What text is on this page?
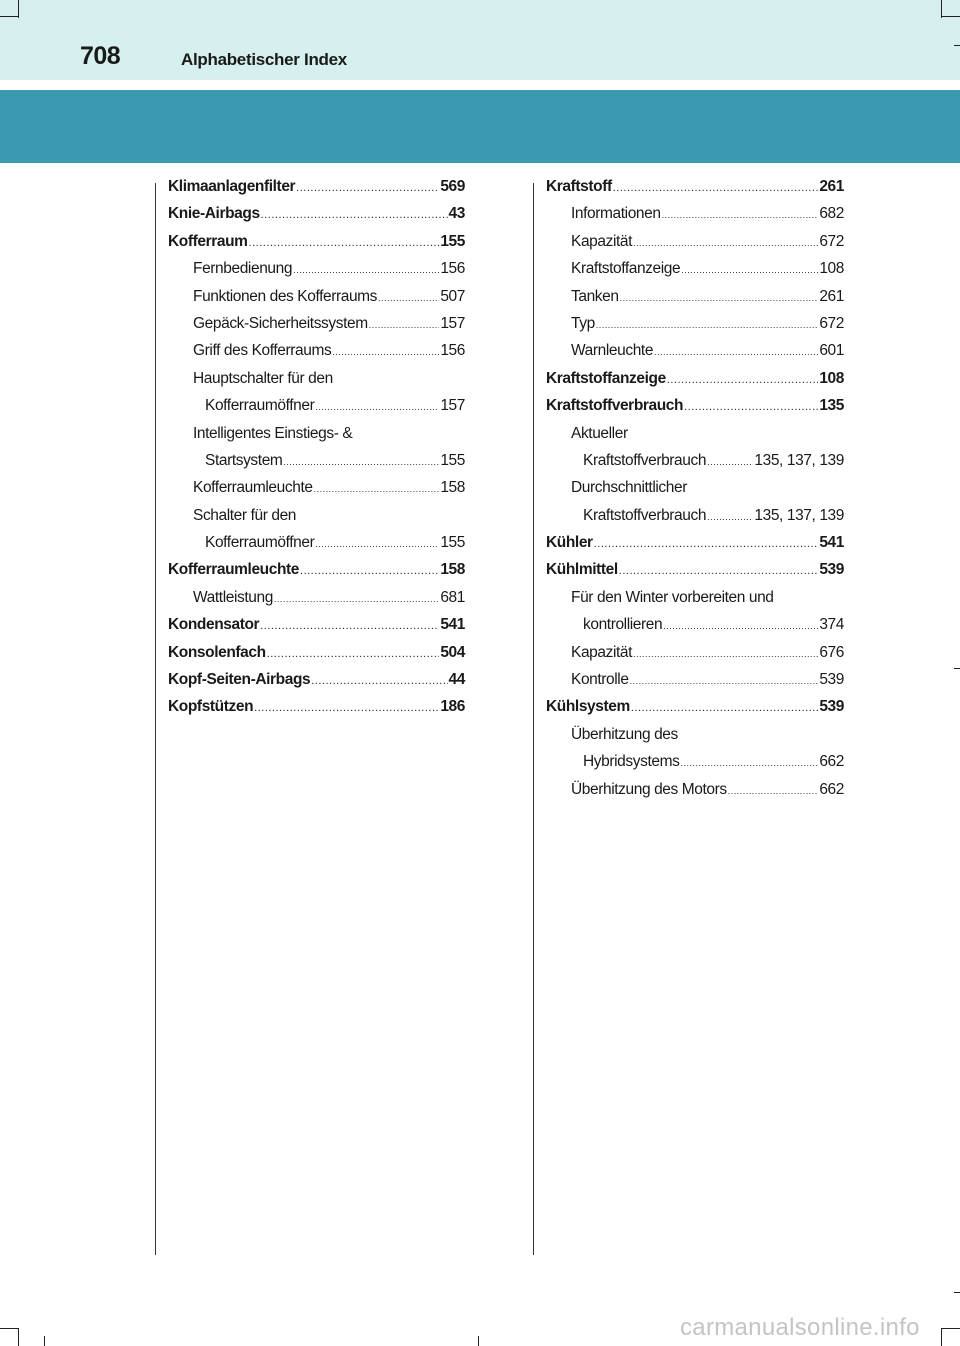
708	Alphabetischer Index
Klimaanlagenfilter .....	569
Knie-Airbags .....	43
Kofferraum .....	155
Fernbedienung .....	156
Funktionen des Kofferraums .....	507
Gepäck-Sicherheitssystem .....	157
Griff des Kofferraums .....	156
Hauptschalter für den
Kofferraumöffner .....	157
Intelligentes Einstiegs- &
Startsystem .....	155
Kofferraumleuchte .....	158
Schalter für den
Kofferraumöffner .....	155
Kofferraumleuchte .....	158
Wattleistung .....	681
Kondensator .....	541
Konsolenfach .....	504
Kopf-Seiten-Airbags .....	44
Kopfstützen .....	186
Kraftstoff .....	261
Informationen .....	682
Kapazität .....	672
Kraftstoffanzeige .....	108
Tanken .....	261
Typ .....	672
Warnleuchte .....	601
Kraftstoffanzeige .....	108
Kraftstoffverbrauch .....	135
Aktueller
Kraftstoffverbrauch .....	135, 137, 139
Durchschnittlicher
Kraftstoffverbrauch .....	135, 137, 139
Kühler .....	541
Kühlmittel .....	539
Für den Winter vorbereiten und
kontrollieren .....	374
Kapazität .....	676
Kontrolle .....	539
Kühlsystem .....	539
Überhitzung des
Hybridsystems .....	662
Überhitzung des Motors .....	662
carmanualsonline.info
